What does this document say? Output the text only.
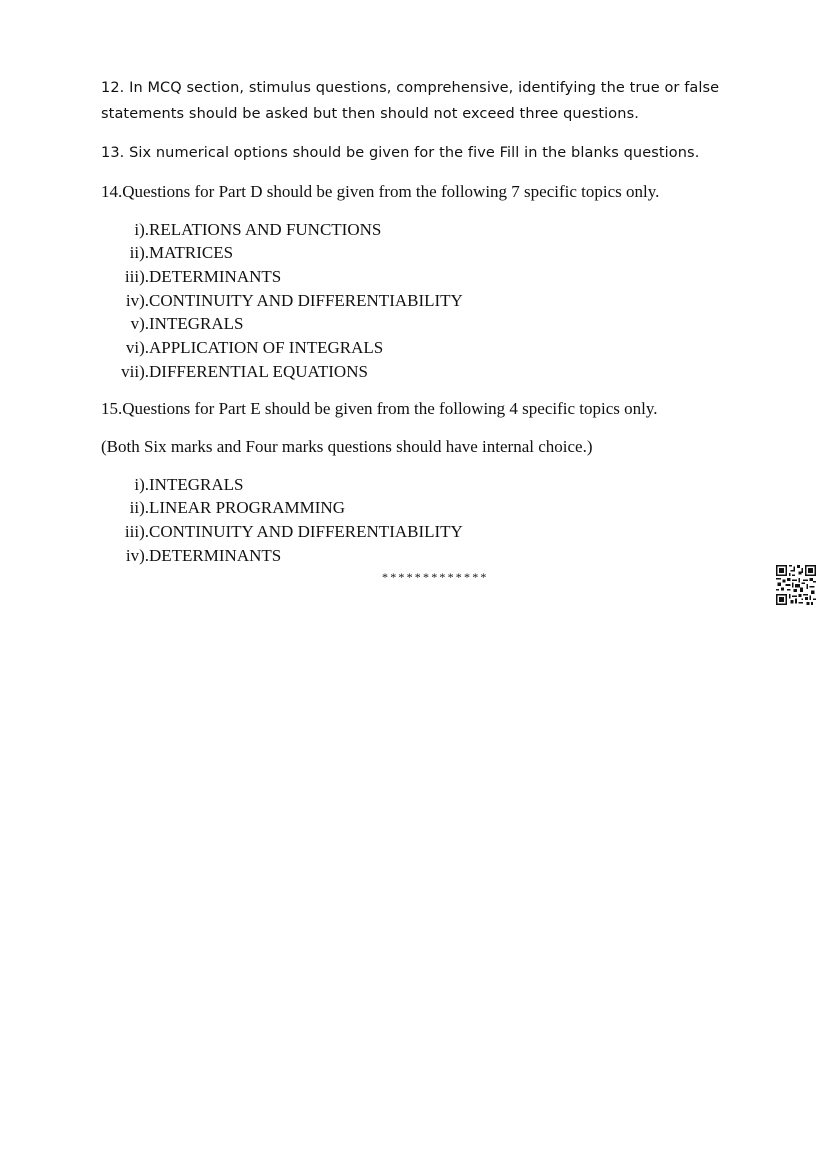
12. In MCQ section, stimulus questions, comprehensive, identifying the true or false
statements should be asked but then should not exceed three questions.
13. Six numerical options should be given for the five Fill in the blanks questions.
14.Questions for Part D should be given from the following 7 specific topics only.
i).RELATIONS AND FUNCTIONS
ii).MATRICES
iii).DETERMINANTS
iv).CONTINUITY AND DIFFERENTIABILITY
v).INTEGRALS
vi).APPLICATION OF INTEGRALS
vii).DIFFERENTIAL EQUATIONS
15.Questions for Part E should be given from the following 4 specific topics only.
(Both Six marks and Four marks questions should have internal choice.)
i).INTEGRALS
ii).LINEAR PROGRAMMING
iii).CONTINUITY AND DIFFERENTIABILITY
iv).DETERMINANTS
*************
